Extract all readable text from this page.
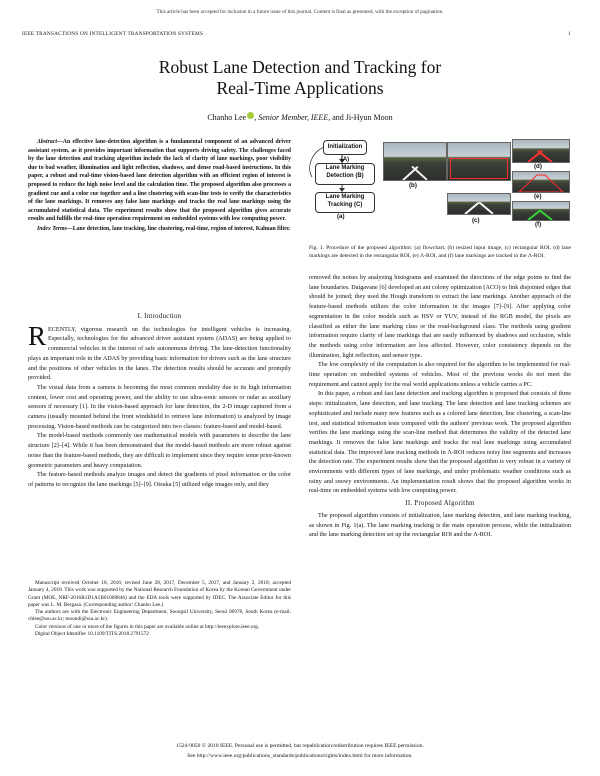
This article has been accepted for inclusion in a future issue of this journal. Content is final as presented, with the exception of pagination.
IEEE TRANSACTIONS ON INTELLIGENT TRANSPORTATION SYSTEMS	1
Robust Lane Detection and Tracking for
Real-Time Applications
Chanho Lee , Senior Member, IEEE, and Ji-Hyun Moon

Abstract—An effective lane-detection algorithm is a fundamental component of an advanced driver assistant system, as it provides important information that supports driving safety. The challenges faced by the lane detection and tracking algorithm include the lack of clarity of lane markings, poor visibility due to bad weather, illumination and light reflection, shadows, and dense road-based instructions. In this paper, a robust and real-time vision-based lane detection algorithm with an efficient region of interest is proposed to reduce the high noise level and the calculation time. The proposed algorithm also processes a gradient cue and a color cue together and a line clustering with scan-line tests to verify the characteristics of the lane markings. It removes any false lane markings and tracks the real lane markings using the accumulated statistical data. The experiment results show that the proposed algorithm gives accurate results and fulfills the real-time operation requirement on embedded systems with low computing power.

Index Terms—Lane detection, lane tracking, line clustering, real-time, region of interest, Kalman filter.

I. Introduction

RECENTLY, vigorous research on the technologies for intelligent vehicles is increasing. Especially, technologies for the advanced driver assistant system (ADAS) are being applied to commercial vehicles in the interest of safe autonomous driving. The lane-detection functionality plays an important role in the ADAS by providing basic information for drivers such as the lane structure and the positions of other vehicles in the lanes. The detection results should be accurate and promptly provided.

The visual data from a camera is becoming the most common modality due to its high information content, lower cost and operating power, and the ability to use ultra-sonic sensors or radar as auxiliary sensors if necessary [1]. In the vision-based approach for lane detection, the 2-D image captured from a camera (usually mounted behind the front windshield to retrieve lane information) is analyzed by image processing. Vision-based methods can be categorized into two classes: feature-based and model-based.

The model-based methods commonly use mathematical models with parameters to describe the lane structure [2]–[4]. While it has been demonstrated that the model-based methods are more robust against noise than the feature-based methods, they are difficult to implement since they require some prior-known geometric parameters and heavy computation.

The feature-based methods analyze images and detect the gradients of pixel information or the color of patterns to recognize the lane markings [5]–[9]. Otsuka [5] utilized edge images only, and they

Manuscript received October 18, 2016; revised June 28, 2017, December 5, 2017, and January 2, 2018; accepted January 4, 2018. This work was supported by the National Research Foundation of Korea by the Korean Government under Grant (MOE, NRF-2016R1D1A1B01008846) and the EDA tools were supported by IDEC. The Associate Editor for this paper was L. M. Bergasa. (Corresponding author: Chanho Lee.)

The authors are with the Electronic Engineering Department, Soongsil University, Seoul 06978, South Korea (e-mail: chlee@ssu.ac.kr; moondi@ssu.ac.kr).

Color versions of one or more of the figures in this paper are available online at http://ieeexplore.ieee.org.

Digital Object Identifier 10.1109/TITS.2018.2791572

Initialization (A)
Lane Marking Detection (B)
Lane Marking Tracking (C)
(a)
(b)
(c)
(d)
(e)
(f)
Fig. 1. Procedure of the proposed algorithm: (a) flowchart, (b) resized input image, (c) rectangular ROI, (d) lane markings are detected in the rectangular ROI, (e) Λ-ROI, and (f) lane markings are tracked in the Λ-ROI.

removed the noises by analyzing histograms and examined the directions of the edge points to find the lane boundaries. Daigavane [6] developed an ant colony optimization (ACO) to link disjointed edges that should be joined; they used the Hough transform to extract the lane markings. Another approach of the feature-based methods utilizes the color information in the images [7]–[9]. After applying color segmentation in the color models such as HSV or YUV, instead of the RGB model, the pixels are classified as either the lane marking class or the road-background class. The methods using gradient information require clarity of lane markings that are easily influenced by shadows and occlusion, while the methods using color information are less affected. However, color consistency depends on the illumination, light reflection, and sensor type.

The low complexity of the computation is also required for the algorithm to be implemented for real-time operation on embedded systems of vehicles. Most of the previous works do not meet the requirement and cannot apply for the real world applications unless a vehicle carries a PC.

In this paper, a robust and fast lane detection and tracking algorithm is proposed that consists of three steps: initialization, lane detection, and lane tracking. The lane detection and lane tracking schemes are sophisticated and include many new features such as a colored lane detection, line clustering, a scan-line test, and statistical information tests compared with the authors' previous work. The proposed algorithm verifies the lane markings using the scan-line method that determines the validity of the detected lane markings. It removes the false lane markings and tracks the real lane markings using accumulated statistical data. The improved lane tracking methods in Λ-ROI reduces noisy line segments and increases the detection rate. The experiment results show that the proposed algorithm is very robust in a variety of environments with different types of lane markings, and under problematic weather conditions such as rainy and snowy environments. An implementation result shows that the proposed algorithm works in real-time on embedded systems with low computing power.

II. Proposed Algorithm

The proposed algorithm consists of initialization, lane marking detection, and lane marking tracking, as shown in Fig. 1(a). The lane marking tracking is the main operation process, while the initialization and the lane marking detection set up the rectangular ROI and the Λ-ROI.

1524-9050 © 2018 IEEE. Personal use is permitted, but republication/redistribution requires IEEE permission.
See http://www.ieee.org/publications_standards/publications/rights/index.html for more information.
